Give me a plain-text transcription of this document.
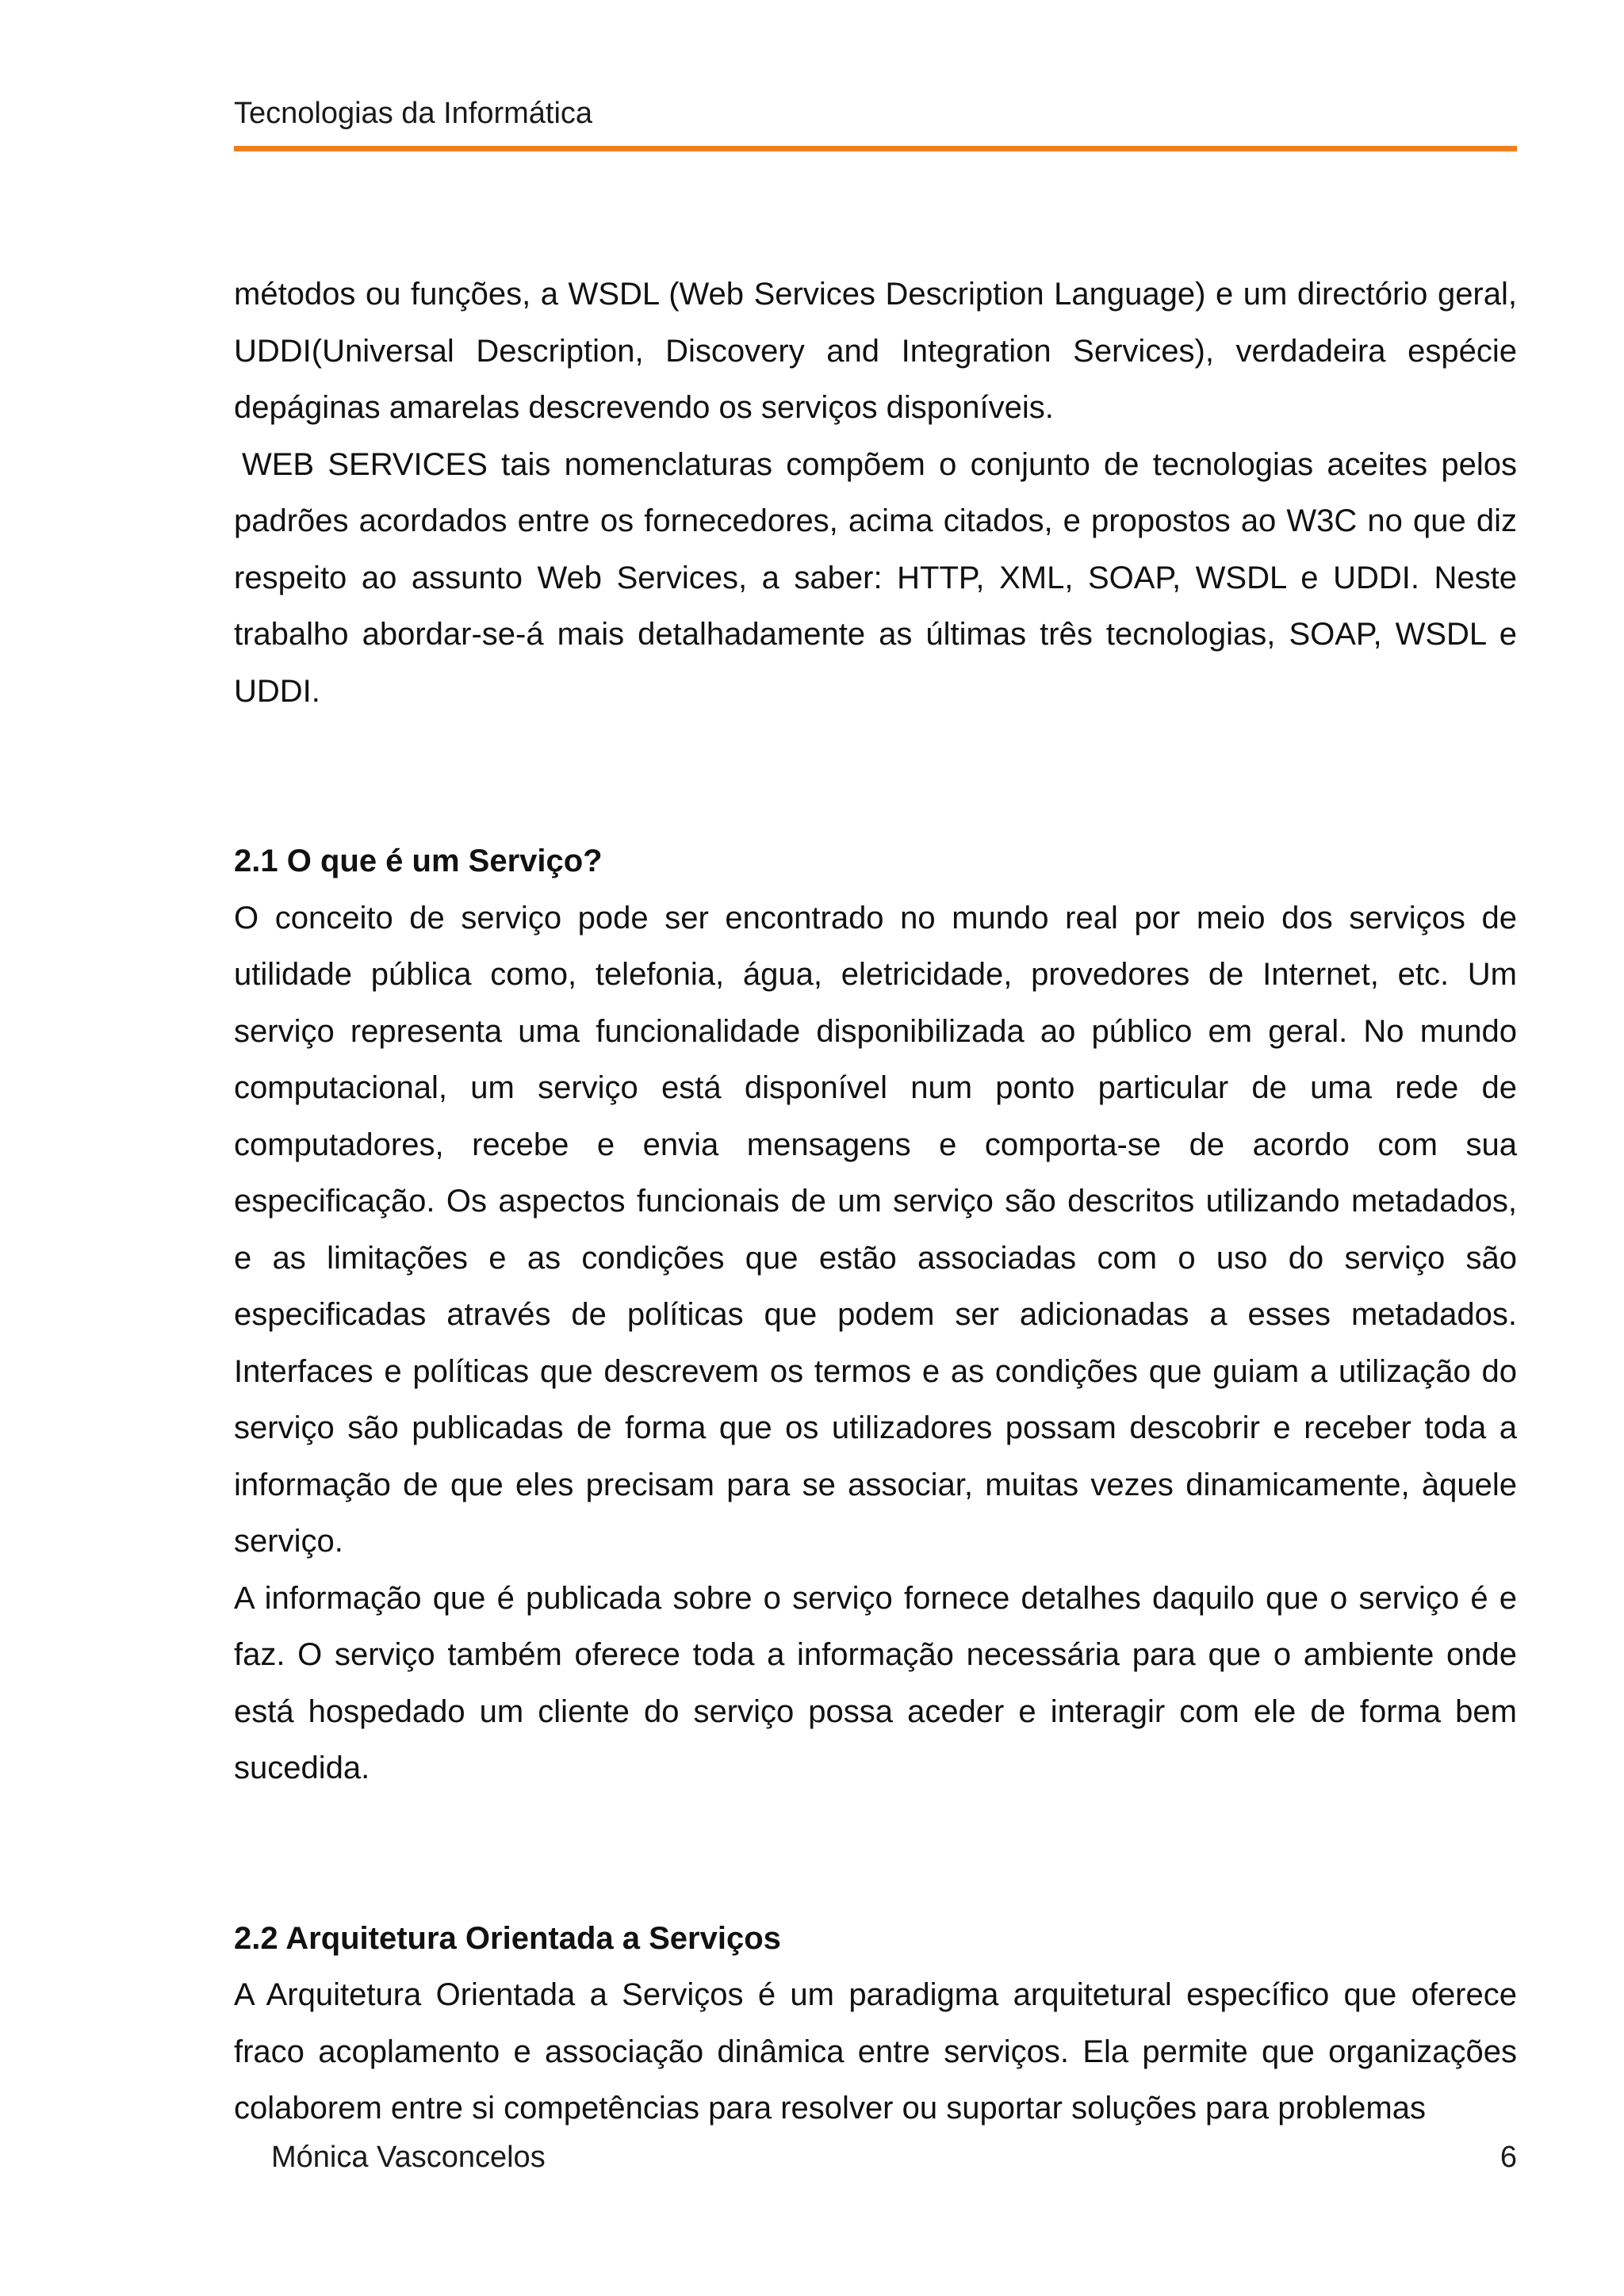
Tecnologias da Informática

métodos ou funções, a WSDL (Web Services Description Language) e um directório geral, UDDI(Universal Description, Discovery and Integration Services), verdadeira espécie depáginas amarelas descrevendo os serviços disponíveis.

WEB SERVICES tais nomenclaturas compõem o conjunto de tecnologias aceites pelos padrões acordados entre os fornecedores, acima citados, e propostos ao W3C no que diz respeito ao assunto Web Services, a saber: HTTP, XML, SOAP, WSDL e UDDI. Neste trabalho abordar-se-á mais detalhadamente as últimas três tecnologias, SOAP, WSDL e UDDI.

2.1 O que é um Serviço?

O conceito de serviço pode ser encontrado no mundo real por meio dos serviços de utilidade pública como, telefonia, água, eletricidade, provedores de Internet, etc. Um serviço representa uma funcionalidade disponibilizada ao público em geral. No mundo computacional, um serviço está disponível num ponto particular de uma rede de computadores, recebe e envia mensagens e comporta-se de acordo com sua especificação. Os aspectos funcionais de um serviço são descritos utilizando metadados, e as limitações e as condições que estão associadas com o uso do serviço são especificadas através de políticas que podem ser adicionadas a esses metadados. Interfaces e políticas que descrevem os termos e as condições que guiam a utilização do serviço são publicadas de forma que os utilizadores possam descobrir e receber toda a informação de que eles precisam para se associar, muitas vezes dinamicamente, àquele serviço.

A informação que é publicada sobre o serviço fornece detalhes daquilo que o serviço é e faz. O serviço também oferece toda a informação necessária para que o ambiente onde está hospedado um cliente do serviço possa aceder e interagir com ele de forma bem sucedida.

2.2 Arquitetura Orientada a Serviços

A Arquitetura Orientada a Serviços é um paradigma arquitetural específico que oferece fraco acoplamento e associação dinâmica entre serviços. Ela permite que organizações colaborem entre si competências para resolver ou suportar soluções para problemas

Mónica Vasconcelos	6
